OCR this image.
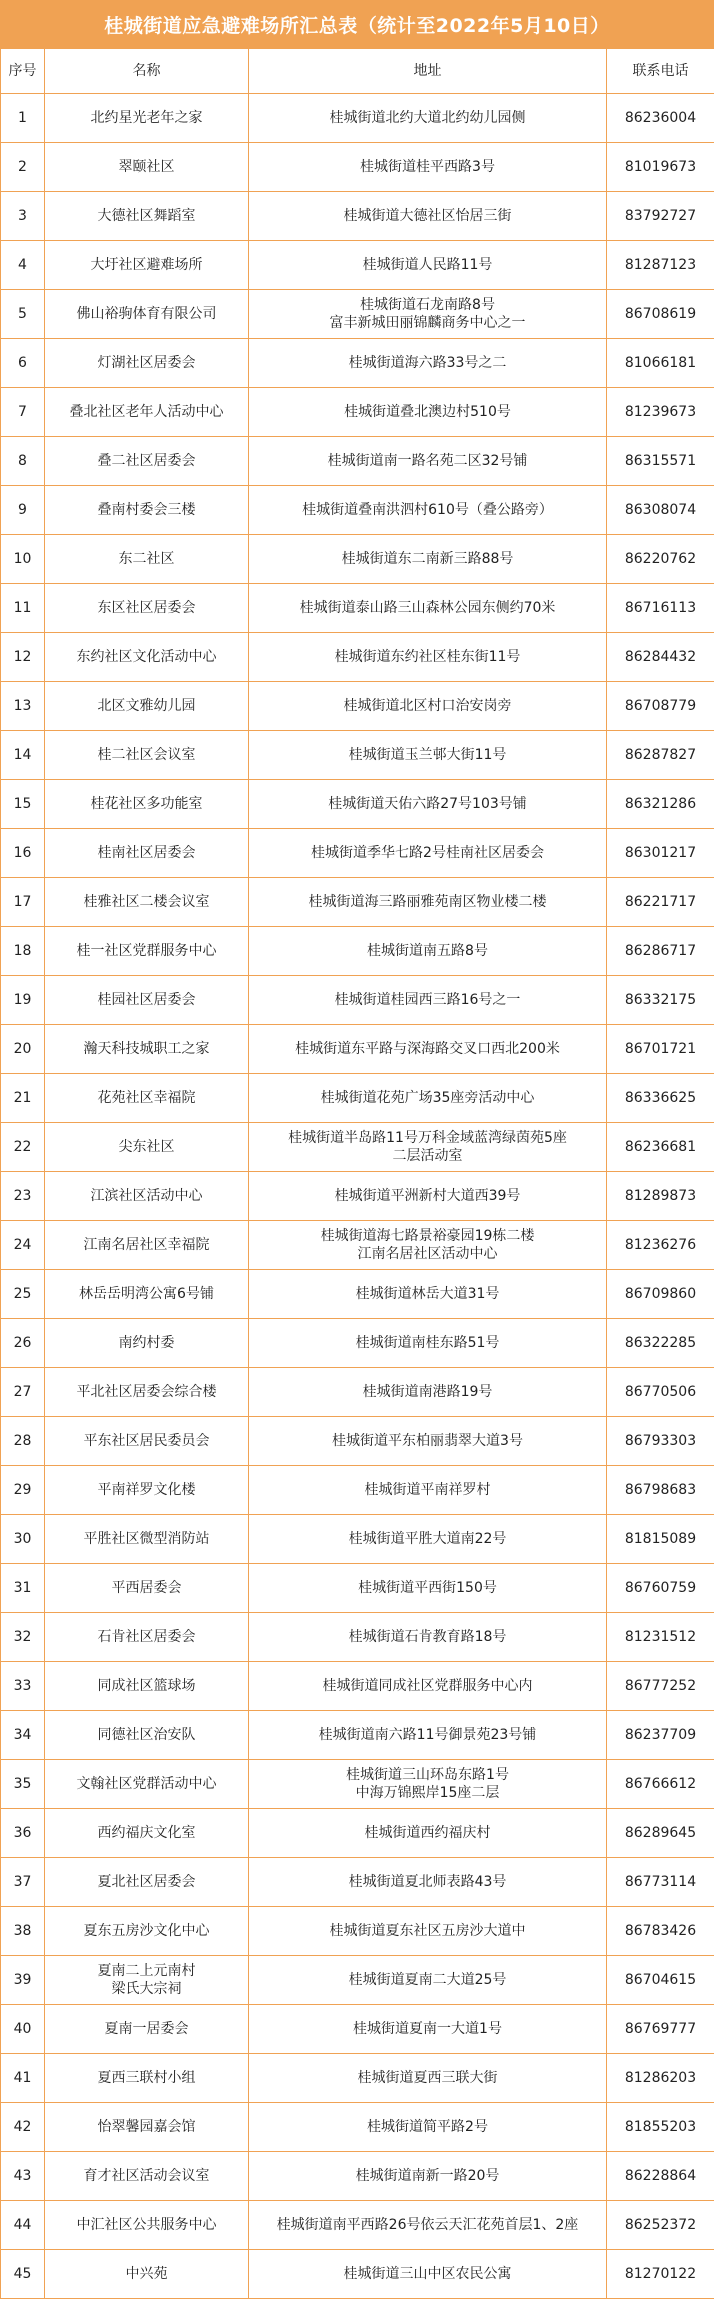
桂城街道应急避难场所汇总表（统计至2022年5月10日）
序号	名称	地址	联系电话
1	北约星光老年之家	桂城街道北约大道北约幼儿园侧	86236004
2	翠颐社区	桂城街道桂平西路3号	81019673
3	大德社区舞蹈室	桂城街道大德社区怡居三街	83792727
4	大圩社区避难场所	桂城街道人民路11号	81287123
5	佛山裕驹体育有限公司	桂城街道石龙南路8号
富丰新城田丽锦麟商务中心之一	86708619
6	灯湖社区居委会	桂城街道海六路33号之二	81066181
7	叠北社区老年人活动中心	桂城街道叠北澳边村510号	81239673
8	叠二社区居委会	桂城街道南一路名苑二区32号铺	86315571
9	叠南村委会三楼	桂城街道叠南洪泗村610号（叠公路旁）	86308074
10	东二社区	桂城街道东二南新三路88号	86220762
11	东区社区居委会	桂城街道泰山路三山森林公园东侧约70米	86716113
12	东约社区文化活动中心	桂城街道东约社区桂东街11号	86284432
13	北区文雅幼儿园	桂城街道北区村口治安岗旁	86708779
14	桂二社区会议室	桂城街道玉兰邨大街11号	86287827
15	桂花社区多功能室	桂城街道天佑六路27号103号铺	86321286
16	桂南社区居委会	桂城街道季华七路2号桂南社区居委会	86301217
17	桂雅社区二楼会议室	桂城街道海三路丽雅苑南区物业楼二楼	86221717
18	桂一社区党群服务中心	桂城街道南五路8号	86286717
19	桂园社区居委会	桂城街道桂园西三路16号之一	86332175
20	瀚天科技城职工之家	桂城街道东平路与深海路交叉口西北200米	86701721
21	花苑社区幸福院	桂城街道花苑广场35座旁活动中心	86336625
22	尖东社区	桂城街道半岛路11号万科金域蓝湾绿茵苑5座
二层活动室	86236681
23	江滨社区活动中心	桂城街道平洲新村大道西39号	81289873
24	江南名居社区幸福院	桂城街道海七路景裕豪园19栋二楼
江南名居社区活动中心	81236276
25	林岳岳明湾公寓6号铺	桂城街道林岳大道31号	86709860
26	南约村委	桂城街道南桂东路51号	86322285
27	平北社区居委会综合楼	桂城街道南港路19号	86770506
28	平东社区居民委员会	桂城街道平东柏丽翡翠大道3号	86793303
29	平南祥罗文化楼	桂城街道平南祥罗村	86798683
30	平胜社区微型消防站	桂城街道平胜大道南22号	81815089
31	平西居委会	桂城街道平西街150号	86760759
32	石肯社区居委会	桂城街道石肯教育路18号	81231512
33	同成社区篮球场	桂城街道同成社区党群服务中心内	86777252
34	同德社区治安队	桂城街道南六路11号御景苑23号铺	86237709
35	文翰社区党群活动中心	桂城街道三山环岛东路1号
中海万锦熙岸15座二层	86766612
36	西约福庆文化室	桂城街道西约福庆村	86289645
37	夏北社区居委会	桂城街道夏北师表路43号	86773114
38	夏东五房沙文化中心	桂城街道夏东社区五房沙大道中	86783426
39	夏南二上元南村
梁氏大宗祠	桂城街道夏南二大道25号	86704615
40	夏南一居委会	桂城街道夏南一大道1号	86769777
41	夏西三联村小组	桂城街道夏西三联大街	81286203
42	怡翠馨园嘉会馆	桂城街道简平路2号	81855203
43	育才社区活动会议室	桂城街道南新一路20号	86228864
44	中汇社区公共服务中心	桂城街道南平西路26号依云天汇花苑首层1、2座	86252372
45	中兴苑	桂城街道三山中区农民公寓	81270122
